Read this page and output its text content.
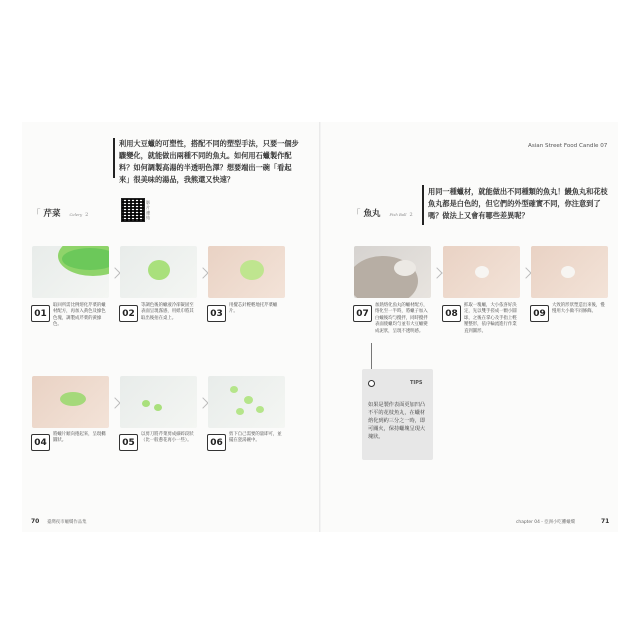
利用大豆蠟的可塑性，搭配不同的塑型手法，只要一個步驟變化，就能做出兩種不同的魚丸。如何用石蠟製作配料？如何調製高湯的半透明色澤？想要端出一碗「看起來」很美味的湯品，我熊還又快速？
Asian Street Food Candle 07
用同一種蠟材，就能做出不同種類的魚丸！鰻魚丸和花枝魚丸都是白色的，但它們的外型確實不同，你注意到了嗎？做法上又會有哪些差異呢？
「 芹菜 Celery 2
影片連結	「 魚丸 Fish Ball 2
01
取回所需比例熔化芹菜的蠟材配方，再加入黃色及綠色色塊，調製成芹菜的黃綠色。
02
等調色後的蠟液冷卻凝固至表面呈現霧感，用紙巾將其取出後拍在桌上。	03
用攪芯針輕輕地托芹菜蠟片。	07
加熱熔化魚丸的蠟材配方，熔化至一半時，將蠟子加入白蠟後均勻攪拌，同時攪拌表面使蠟均勻並有大豆蠟變成泥狀，呈現不透明感。
08
抓取一塊蠟，大小依喜好決定，先以雙手搓成一顆小圓球，之後在掌心及手指上輕壓整形，依序輪流進行作業直到圓形。
09
大致的形狀塑造出來後，慢慢用大小做不同修飾。
04
將蠟片順向捲起來，呈現橢圓狀。	05
以剪刀將芹菜剪成細碎段狀（比一般蔥花再小一些）。	06
剪下自己需要的量即可，並擺在瓷湯碗中。
TIPS
如果是製作表面更加凹凸不平的花枝魚丸，在蠟材熔化到約三分之一時，即可關火，保持蠟塊呈現大塊狀。
70 臺灣夜市蠟燭作品集	chapter 04 - 亞洲小吃攤蠟燭	71
